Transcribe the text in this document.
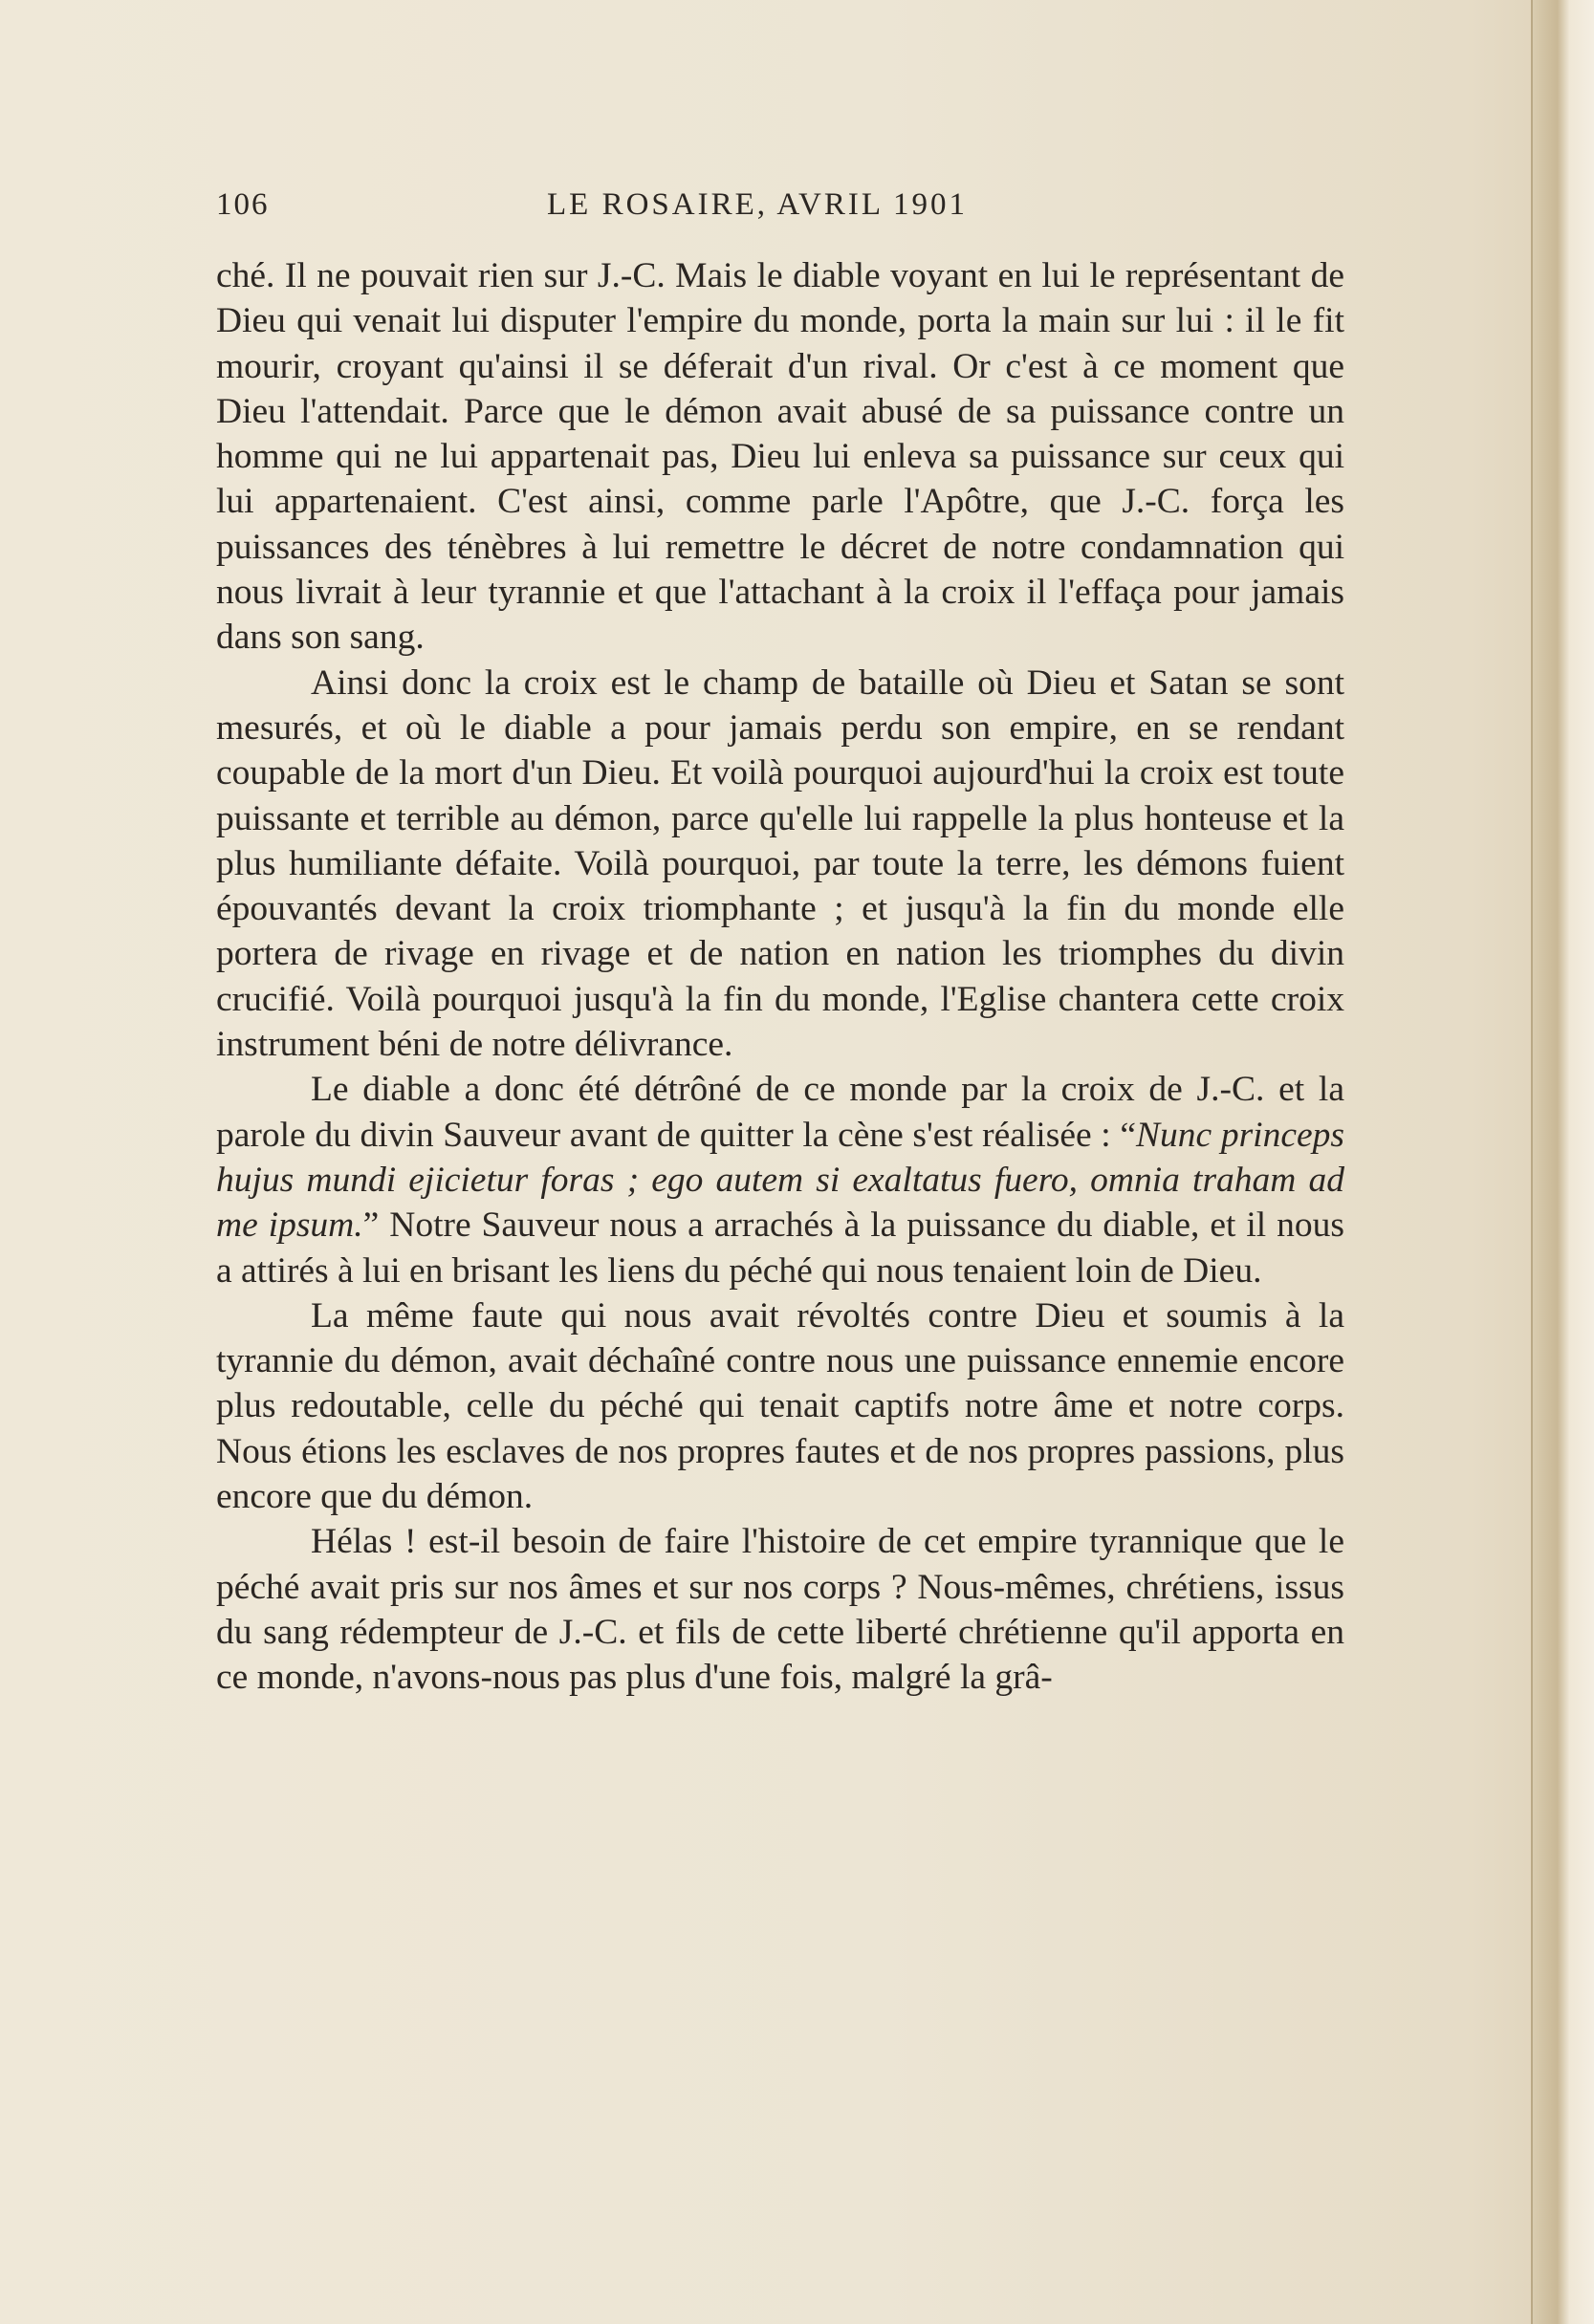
106	LE ROSAIRE, AVRIL 1901

ché. Il ne pouvait rien sur J.-C. Mais le diable voyant en lui le représentant de Dieu qui venait lui disputer l'empire du monde, porta la main sur lui : il le fit mourir, croyant qu'ainsi il se déferait d'un rival. Or c'est à ce moment que Dieu l'attendait. Parce que le démon avait abusé de sa puissance contre un homme qui ne lui appartenait pas, Dieu lui enleva sa puissance sur ceux qui lui appartenaient. C'est ainsi, comme parle l'Apôtre, que J.-C. força les puissances des ténèbres à lui remettre le décret de notre condamnation qui nous livrait à leur tyrannie et que l'attachant à la croix il l'effaça pour jamais dans son sang.

Ainsi donc la croix est le champ de bataille où Dieu et Satan se sont mesurés, et où le diable a pour jamais perdu son empire, en se rendant coupable de la mort d'un Dieu. Et voilà pourquoi aujourd'hui la croix est toute puissante et terrible au démon, parce qu'elle lui rappelle la plus honteuse et la plus humiliante défaite. Voilà pourquoi, par toute la terre, les démons fuient épouvantés devant la croix triomphante ; et jusqu'à la fin du monde elle portera de rivage en rivage et de nation en nation les triomphes du divin crucifié. Voilà pourquoi jusqu'à la fin du monde, l'Eglise chantera cette croix instrument béni de notre délivrance.

Le diable a donc été détrôné de ce monde par la croix de J.-C. et la parole du divin Sauveur avant de quitter la cène s'est réalisée : “Nunc princeps hujus mundi ejicietur foras ; ego autem si exaltatus fuero, omnia traham ad me ipsum.” Notre Sauveur nous a arrachés à la puissance du diable, et il nous a attirés à lui en brisant les liens du péché qui nous tenaient loin de Dieu.

La même faute qui nous avait révoltés contre Dieu et soumis à la tyrannie du démon, avait déchaîné contre nous une puissance ennemie encore plus redoutable, celle du péché qui tenait captifs notre âme et notre corps. Nous étions les esclaves de nos propres fautes et de nos propres passions, plus encore que du démon.

Hélas ! est-il besoin de faire l'histoire de cet empire tyrannique que le péché avait pris sur nos âmes et sur nos corps ? Nous-mêmes, chrétiens, issus du sang rédempteur de J.-C. et fils de cette liberté chrétienne qu'il apporta en ce monde, n'avons-nous pas plus d'une fois, malgré la grâ-
